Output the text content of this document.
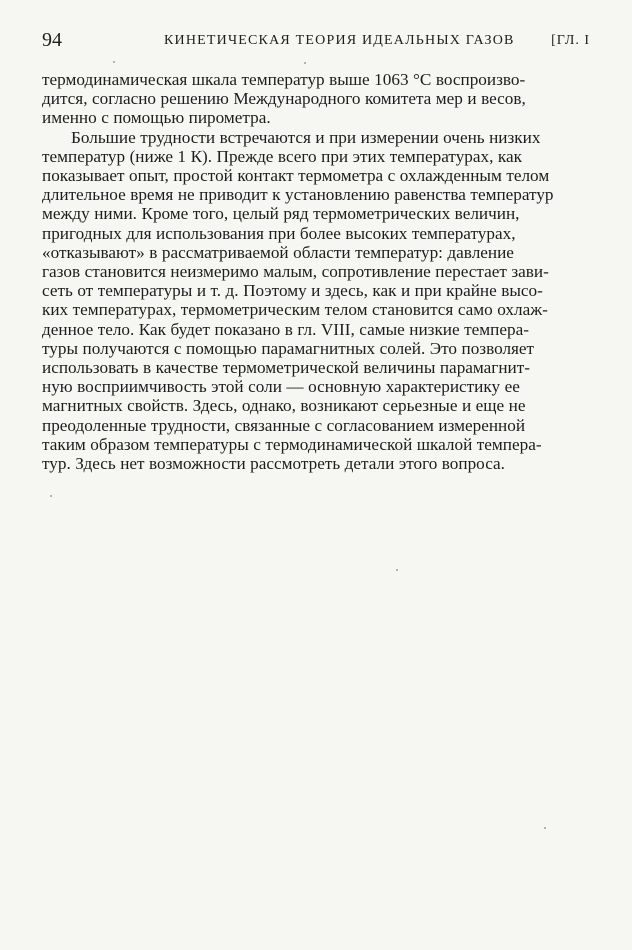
94	КИНЕТИЧЕСКАЯ ТЕОРИЯ ИДЕАЛЬНЫХ ГАЗОВ	[ГЛ. I
термодинамическая шкала температур выше 1063 °С воспроизво-
дится, согласно решению Международного комитета мер и весов,
именно с помощью пирометра.
Большие трудности встречаются и при измерении очень низких
температур (ниже 1 К). Прежде всего при этих температурах, как
показывает опыт, простой контакт термометра с охлажденным телом
длительное время не приводит к установлению равенства температур
между ними. Кроме того, целый ряд термометрических величин,
пригодных для использования при более высоких температурах,
«отказывают» в рассматриваемой области температур: давление
газов становится неизмеримо малым, сопротивление перестает зави-
сеть от температуры и т. д. Поэтому и здесь, как и при крайне высо-
ких температурах, термометрическим телом становится само охлаж-
денное тело. Как будет показано в гл. VIII, самые низкие темпера-
туры получаются с помощью парамагнитных солей. Это позволяет
использовать в качестве термометрической величины парамагнит-
ную восприимчивость этой соли — основную характеристику ее
магнитных свойств. Здесь, однако, возникают серьезные и еще не
преодоленные трудности, связанные с согласованием измеренной
таким образом температуры с термодинамической шкалой темпера-
тур. Здесь нет возможности рассмотреть детали этого вопроса.
